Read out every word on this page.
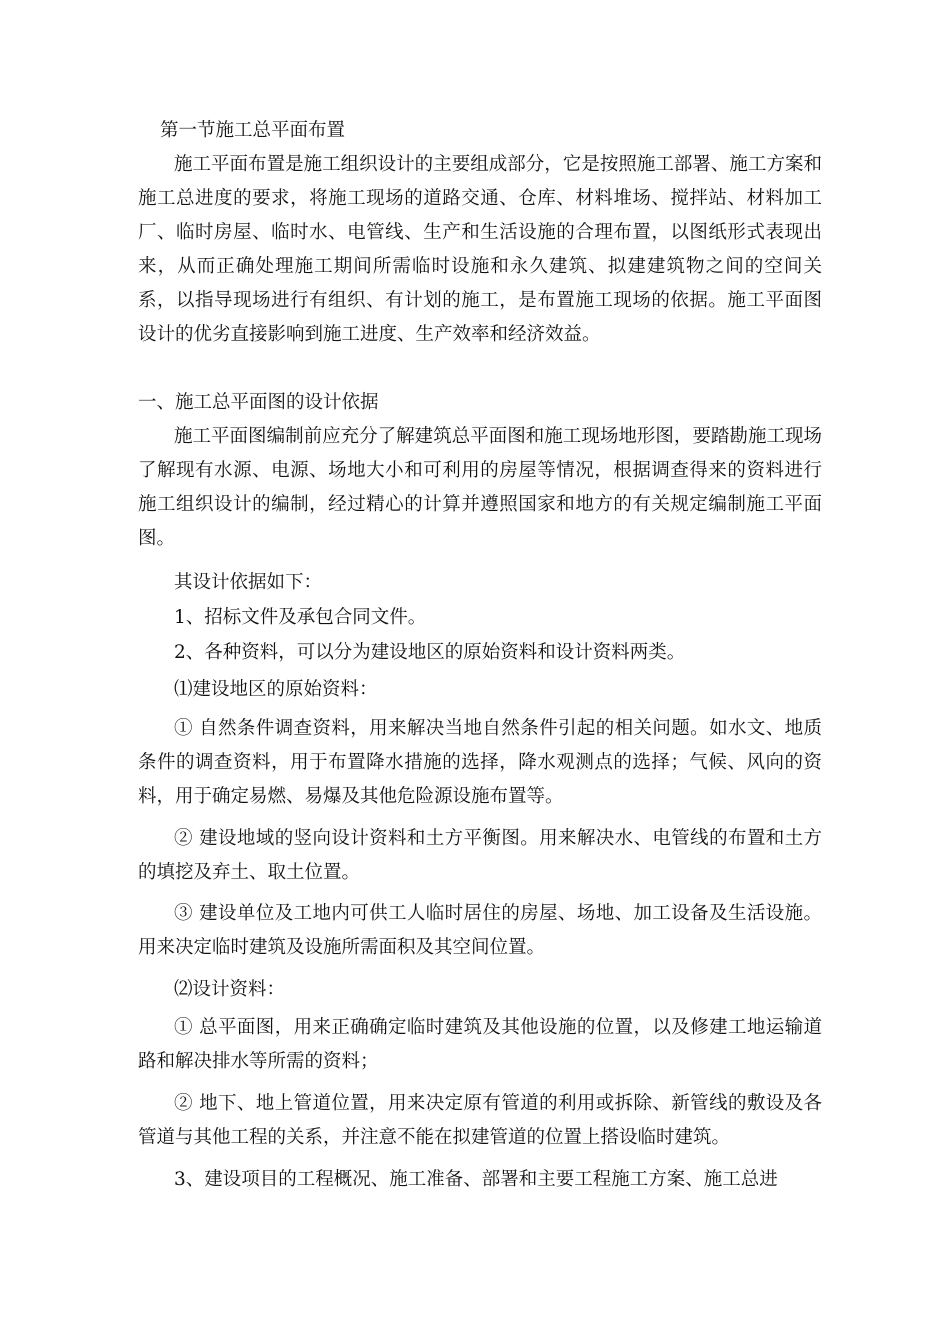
第一节施工总平面布置

施工平面布置是施工组织设计的主要组成部分，它是按照施工部署、施工方案和施工总进度的要求，将施工现场的道路交通、仓库、材料堆场、搅拌站、材料加工厂、临时房屋、临时水、电管线、生产和生活设施的合理布置，以图纸形式表现出来，从而正确处理施工期间所需临时设施和永久建筑、拟建建筑物之间的空间关系，以指导现场进行有组织、有计划的施工，是布置施工现场的依据。施工平面图设计的优劣直接影响到施工进度、生产效率和经济效益。

一、施工总平面图的设计依据

施工平面图编制前应充分了解建筑总平面图和施工现场地形图，要踏勘施工现场了解现有水源、电源、场地大小和可利用的房屋等情况，根据调查得来的资料进行施工组织设计的编制，经过精心的计算并遵照国家和地方的有关规定编制施工平面图。

其设计依据如下：

1、招标文件及承包合同文件。

2、各种资料，可以分为建设地区的原始资料和设计资料两类。

⑴建设地区的原始资料：

① 自然条件调查资料，用来解决当地自然条件引起的相关问题。如水文、地质条件的调查资料，用于布置降水措施的选择，降水观测点的选择；气候、风向的资料，用于确定易燃、易爆及其他危险源设施布置等。

② 建设地域的竖向设计资料和土方平衡图。用来解决水、电管线的布置和土方的填挖及弃土、取土位置。

③ 建设单位及工地内可供工人临时居住的房屋、场地、加工设备及生活设施。用来决定临时建筑及设施所需面积及其空间位置。

⑵设计资料：

① 总平面图，用来正确确定临时建筑及其他设施的位置，以及修建工地运输道路和解决排水等所需的资料；

② 地下、地上管道位置，用来决定原有管道的利用或拆除、新管线的敷设及各管道与其他工程的关系，并注意不能在拟建管道的位置上搭设临时建筑。

3、建设项目的工程概况、施工准备、部署和主要工程施工方案、施工总进
